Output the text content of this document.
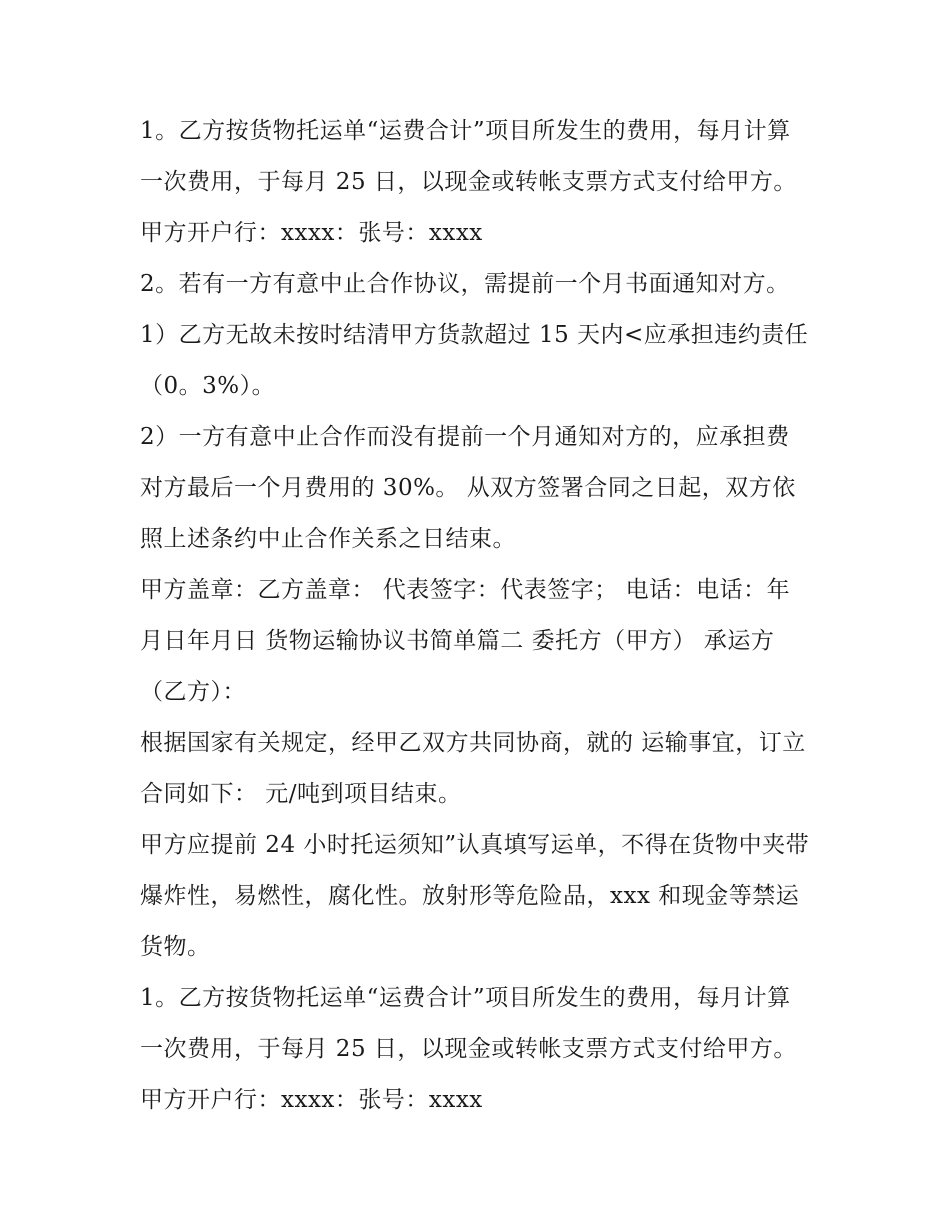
1。乙方按货物托运单“运费合计”项目所发生的费用，每月计算一次费用，于每月 25 日，以现金或转帐支票方式支付给甲方。甲方开户行：xxxx：张号：xxxx

2。若有一方有意中止合作协议，需提前一个月书面通知对方。 1）乙方无故未按时结清甲方货款超过 15 天内<应承担违约责任（0。3%）。

2）一方有意中止合作而没有提前一个月通知对方的，应承担费对方最后一个月费用的 30%。 从双方签署合同之日起，双方依照上述条约中止合作关系之日结束。

甲方盖章：乙方盖章： 代表签字：代表签字； 电话：电话：年月日年月日 货物运输协议书简单篇二 委托方（甲方） 承运方（乙方）：

根据国家有关规定，经甲乙双方共同协商，就的 运输事宜，订立合同如下： 元/吨到项目结束。

甲方应提前 24 小时托运须知”认真填写运单，不得在货物中夹带爆炸性，易燃性，腐化性。放射形等危险品，xxx 和现金等禁运货物。

1。乙方按货物托运单“运费合计”项目所发生的费用，每月计算一次费用，于每月 25 日，以现金或转帐支票方式支付给甲方。甲方开户行：xxxx：张号：xxxx
